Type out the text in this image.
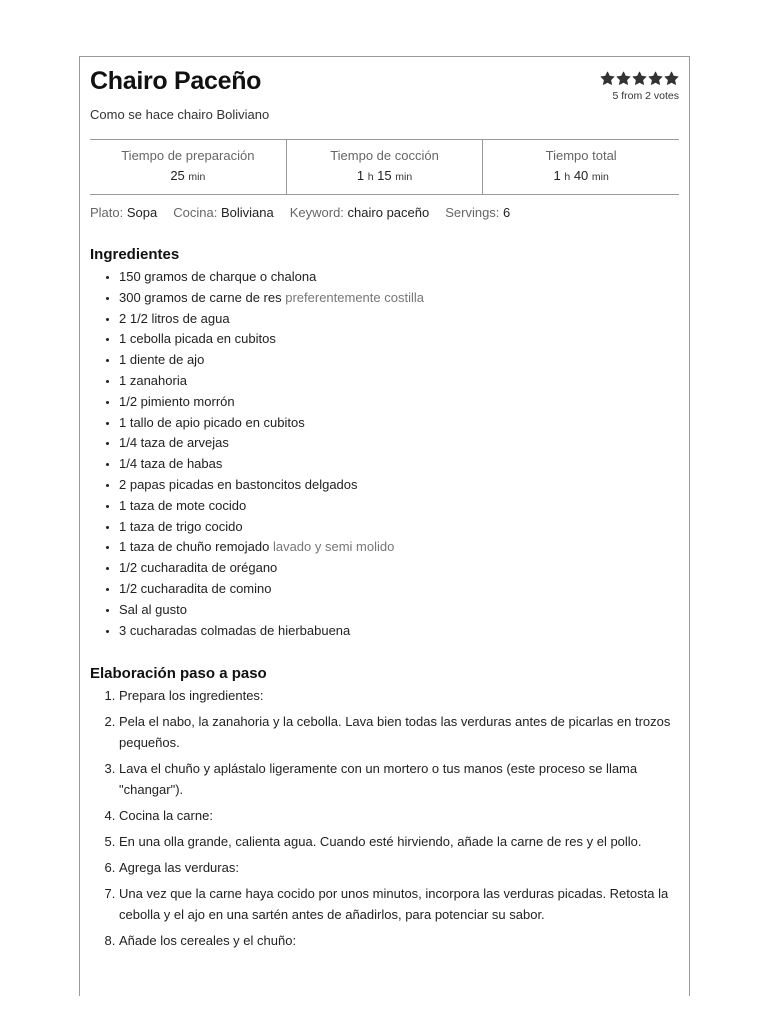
Chairo Paceño
Como se hace chairo Boliviano
5 from 2 votes
Tiempo de preparación
25 min
Tiempo de cocción
1 h 15 min
Tiempo total
1 h 40 min
Plato: Sopa Cocina: Boliviana Keyword: chairo paceño Servings: 6
Ingredientes
• 150 gramos de charque o chalona
• 300 gramos de carne de res preferentemente costilla
• 2 1/2 litros de agua
• 1 cebolla picada en cubitos
• 1 diente de ajo
• 1 zanahoria
• 1/2 pimiento morrón
• 1 tallo de apio picado en cubitos
• 1/4 taza de arvejas
• 1/4 taza de habas
• 2 papas picadas en bastoncitos delgados
• 1 taza de mote cocido
• 1 taza de trigo cocido
• 1 taza de chuño remojado lavado y semi molido
• 1/2 cucharadita de orégano
• 1/2 cucharadita de comino
• Sal al gusto
• 3 cucharadas colmadas de hierbabuena
Elaboración paso a paso
1. Prepara los ingredientes:
2. Pela el nabo, la zanahoria y la cebolla. Lava bien todas las verduras antes de picarlas en trozos pequeños.
3. Lava el chuño y aplástalo ligeramente con un mortero o tus manos (este proceso se llama "changar").
4. Cocina la carne:
5. En una olla grande, calienta agua. Cuando esté hirviendo, añade la carne de res y el pollo.
6. Agrega las verduras:
7. Una vez que la carne haya cocido por unos minutos, incorpora las verduras picadas. Retosta la cebolla y el ajo en una sartén antes de añadirlos, para potenciar su sabor.
8. Añade los cereales y el chuño:
